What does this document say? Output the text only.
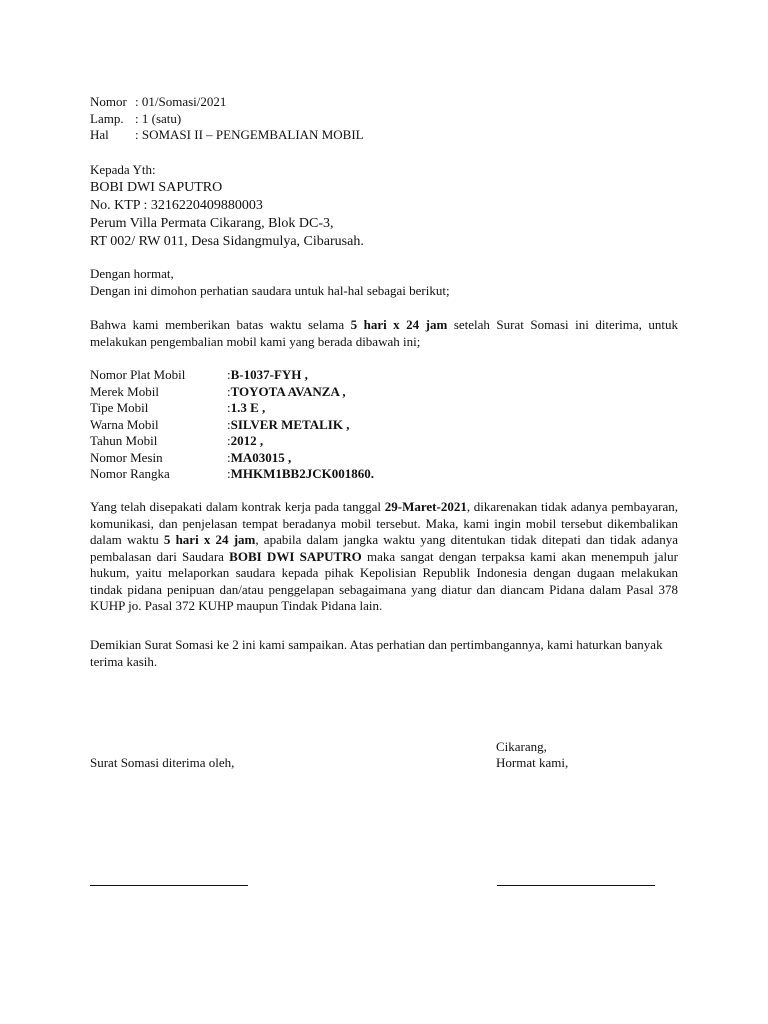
Nomor : 01/Somasi/2021
Lamp. : 1 (satu)
Hal	: SOMASI II – PENGEMBALIAN MOBIL
Kepada Yth:
BOBI DWI SAPUTRO
No. KTP : 3216220409880003
Perum Villa Permata Cikarang, Blok DC-3,
RT 002/ RW 011, Desa Sidangmulya, Cibarusah.
Dengan hormat,
Dengan ini dimohon perhatian saudara untuk hal-hal sebagai berikut;
Bahwa kami memberikan batas waktu selama 5 hari x 24 jam setelah Surat Somasi ini diterima, untuk melakukan pengembalian mobil kami yang berada dibawah ini;
Nomor Plat Mobil	: B-1037-FYH ,
Merek Mobil	: TOYOTA AVANZA ,
Tipe Mobil	: 1.3 E ,
Warna Mobil	: SILVER METALIK ,
Tahun Mobil	: 2012 ,
Nomor Mesin	: MA03015 ,
Nomor Rangka	: MHKM1BB2JCK001860.
Yang telah disepakati dalam kontrak kerja pada tanggal 29-Maret-2021, dikarenakan tidak adanya pembayaran, komunikasi, dan penjelasan tempat beradanya mobil tersebut. Maka, kami ingin mobil tersebut dikembalikan dalam waktu 5 hari x 24 jam, apabila dalam jangka waktu yang ditentukan tidak ditepati dan tidak adanya pembalasan dari Saudara BOBI DWI SAPUTRO maka sangat dengan terpaksa kami akan menempuh jalur hukum, yaitu melaporkan saudara kepada pihak Kepolisian Republik Indonesia dengan dugaan melakukan tindak pidana penipuan dan/atau penggelapan sebagaimana yang diatur dan diancam Pidana dalam Pasal 378 KUHP jo. Pasal 372 KUHP maupun Tindak Pidana lain.
Demikian Surat Somasi ke 2 ini kami sampaikan. Atas perhatian dan pertimbangannya, kami haturkan banyak terima kasih.
Surat Somasi diterima oleh,
Cikarang,
Hormat kami,
